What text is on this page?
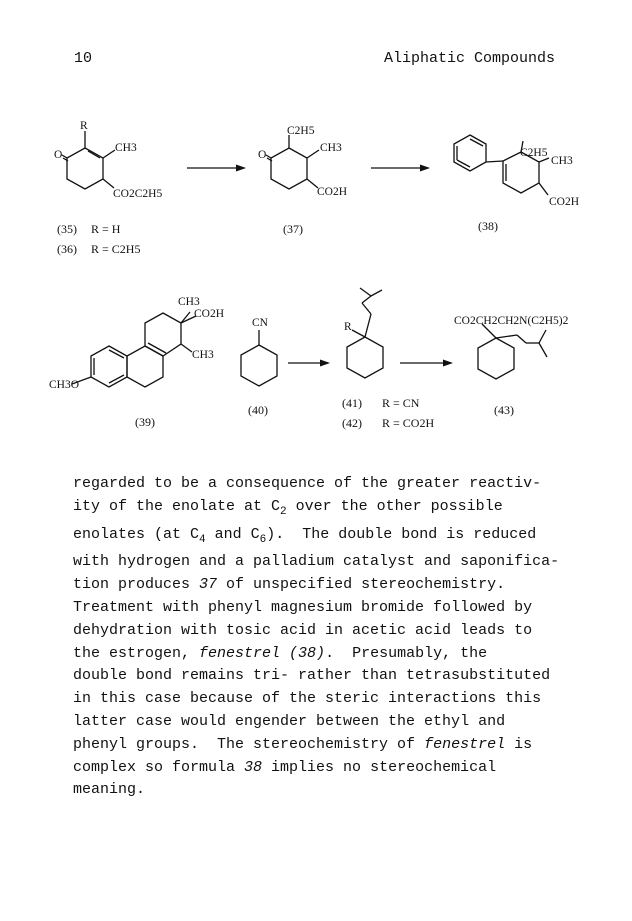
10	Aliphatic Compounds
R
O
CH3
CO2C2H5
(35) R = H
(36) R = C2H5
C2H5
O
CH3
CO2H
(37)
C2H5
CH3
CO2H
(38)
CH3
CO2H
CH3
CH3O
(39)
CN
(40)
R
(41) R = CN
(42) R = CO2H
CO2CH2CH2N(C2H5)2
(43)
regarded to be a consequence of the greater reactiv-
ity of the enolate at $C_2$ over the other possible
enolates (at $C_4$ and $C_6$).  The double bond is reduced
with hydrogen and a palladium catalyst and saponifica-
tion produces 37 of unspecified stereochemistry.
Treatment with phenyl magnesium bromide followed by
dehydration with tosic acid in acetic acid leads to
the estrogen, fenestrel (38).  Presumably, the
double bond remains tri- rather than tetrasubstituted
in this case because of the steric interactions this
latter case would engender between the ethyl and
phenyl groups.  The stereochemistry of fenestrel is
complex so formula 38 implies no stereochemical
meaning.
